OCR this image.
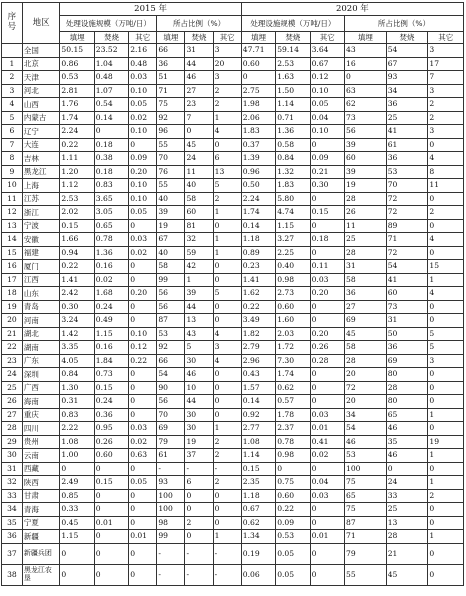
序
号	地区	2015 年						2020 年					
		处理设施规模（万吨/日）			所占比例（%）			处理设施规模（万吨/日）			所占比例（%）		
		填埋	焚烧	其它	填埋	焚烧	其它	填埋	焚烧	其它	填埋	焚烧	其它
	全国	50.15	23.52	2.16	66	31	3	47.71	59.14	3.64	43	54	3
1	北京	0.86	1.04	0.48	36	44	20	0.60	2.53	0.67	16	67	17
2	天津	0.53	0.48	0.03	51	46	3	0	1.63	0.12	0	93	7
3	河北	2.81	1.07	0.10	71	27	2	2.75	1.50	0.10	63	34	3
4	山西	1.76	0.54	0.05	75	23	2	1.98	1.14	0.05	62	36	2
5	内蒙古	1.74	0.14	0.02	92	7	1	2.06	0.71	0.04	73	25	2
6	辽宁	2.24	0	0.10	96	0	4	1.83	1.36	0.10	56	41	3
7	大连	0.22	0.18	0	55	45	0	0.37	0.58	0	39	61	0
8	吉林	1.11	0.38	0.09	70	24	6	1.39	0.84	0.09	60	36	4
9	黑龙江	1.20	0.18	0.20	76	11	13	0.96	1.32	0.21	39	53	8
10	上海	1.12	0.83	0.10	55	40	5	0.50	1.83	0.30	19	70	11
11	江苏	2.53	3.65	0.10	40	58	2	2.24	5.80	0	28	72	0
12	浙江	2.02	3.05	0.05	39	60	1	1.74	4.74	0.15	26	72	2
13	宁波	0.15	0.65	0	19	81	0	0.14	1.15	0	11	89	0
14	安徽	1.66	0.78	0.03	67	32	1	1.18	3.27	0.18	25	71	4
15	福建	0.94	1.36	0.02	40	59	1	0.89	2.25	0	28	72	0
16	厦门	0.22	0.16	0	58	42	0	0.23	0.40	0.11	31	54	15
17	江西	1.41	0.02	0	99	1	0	1.41	0.98	0.03	58	41	1
18	山东	2.42	1.68	0.20	56	39	5	1.62	2.73	0.20	36	60	4
19	青岛	0.30	0.24	0	56	44	0	0.22	0.60	0	27	73	0
20	河南	3.24	0.49	0	87	13	0	3.49	1.60	0	69	31	0
21	湖北	1.42	1.15	0.10	53	43	4	1.82	2.03	0.20	45	50	5
22	湖南	3.35	0.16	0.12	92	5	3	2.79	1.72	0.26	58	36	5
23	广东	4.05	1.84	0.22	66	30	4	2.96	7.30	0.28	28	69	3
24	深圳	0.84	0.73	0	54	46	0	0.43	1.74	0	20	80	0
25	广西	1.30	0.15	0	90	10	0	1.57	0.62	0	72	28	0
26	海南	0.31	0.24	0	56	44	0	0.14	0.57	0	20	80	0
27	重庆	0.83	0.36	0	70	30	0	0.92	1.78	0.03	34	65	1
28	四川	2.22	0.95	0.03	69	30	1	2.77	2.37	0.01	54	46	0
29	贵州	1.08	0.26	0.02	79	19	2	1.08	0.78	0.41	46	35	19
30	云南	1.00	0.60	0.63	61	37	2	1.14	0.98	0.02	53	46	1
31	西藏	0	0	0	-	-	-	0.15	0	0	100	0	0
32	陕西	2.49	0.15	0.05	93	6	2	2.35	0.75	0.04	75	24	1
33	甘肃	0.85	0	0	100	0	0	1.18	0.60	0.03	65	33	2
34	青海	0.33	0	0	100	0	0	0.67	0.22	0	75	25	0
35	宁夏	0.45	0.01	0	98	2	0	0.62	0.09	0	87	13	0
36	新疆	1.15	0	0.01	99	0	1	1.34	0.53	0.01	71	28	1
37	新疆兵团	0	0	0	-	-	-	0.19	0.05	0	79	21	0
38	黑龙江农垦	0	0	0	-	-	-	0.06	0.05	0	55	45	0
